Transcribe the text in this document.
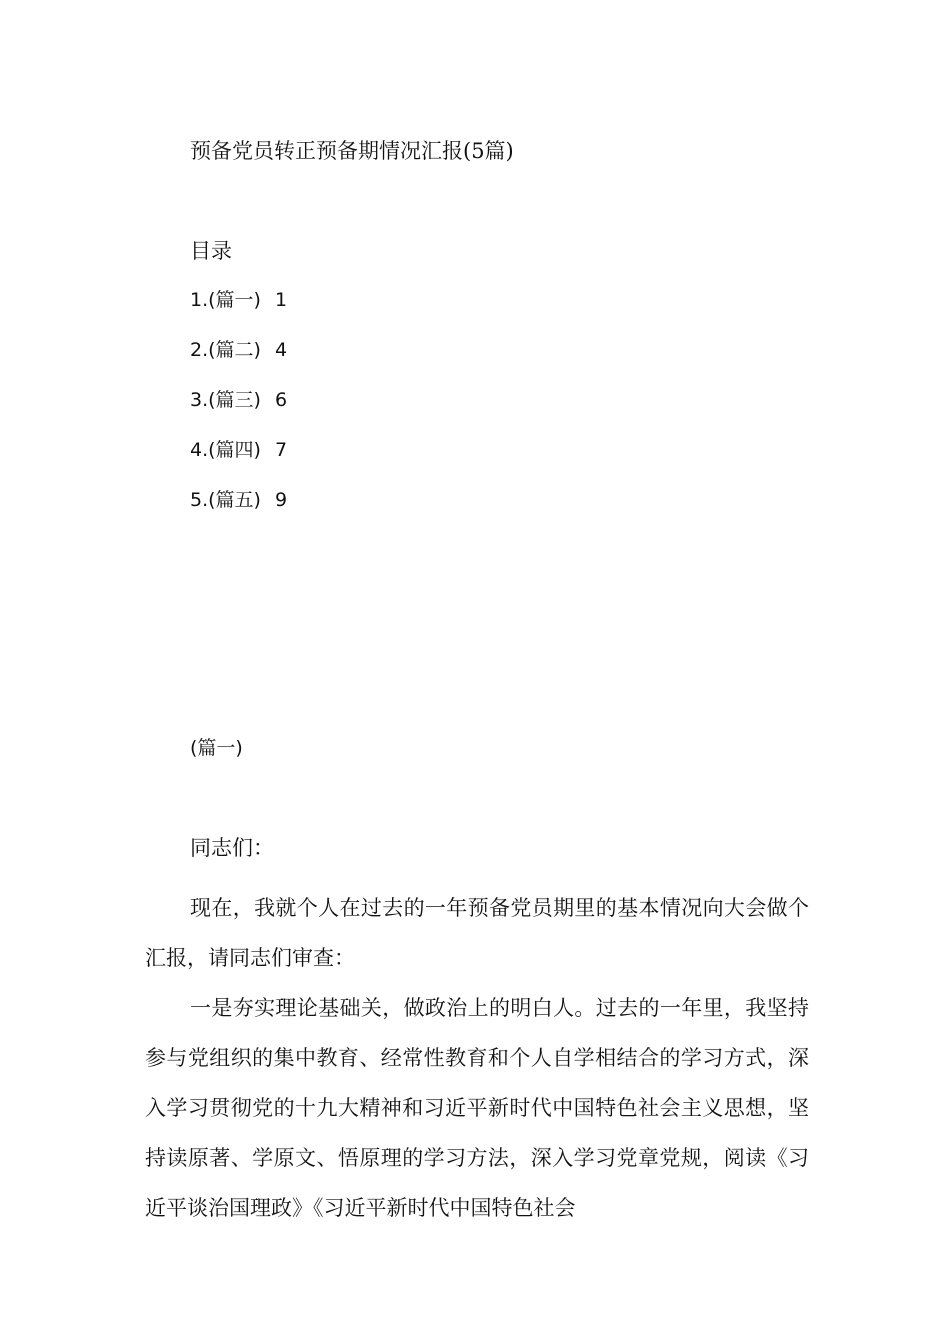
预备党员转正预备期情况汇报(5篇)
目录
1.(篇一) 1
2.(篇二) 4
3.(篇三) 6
4.(篇四) 7
5.(篇五) 9
(篇一)
同志们：

现在，我就个人在过去的一年预备党员期里的基本情况向大会做个汇报，请同志们审查：

一是夯实理论基础关，做政治上的明白人。过去的一年里，我坚持参与党组织的集中教育、经常性教育和个人自学相结合的学习方式，深入学习贯彻党的十九大精神和习近平新时代中国特色社会主义思想，坚持读原著、学原文、悟原理的学习方法，深入学习党章党规，阅读《习近平谈治国理政》《习近平新时代中国特色社会
